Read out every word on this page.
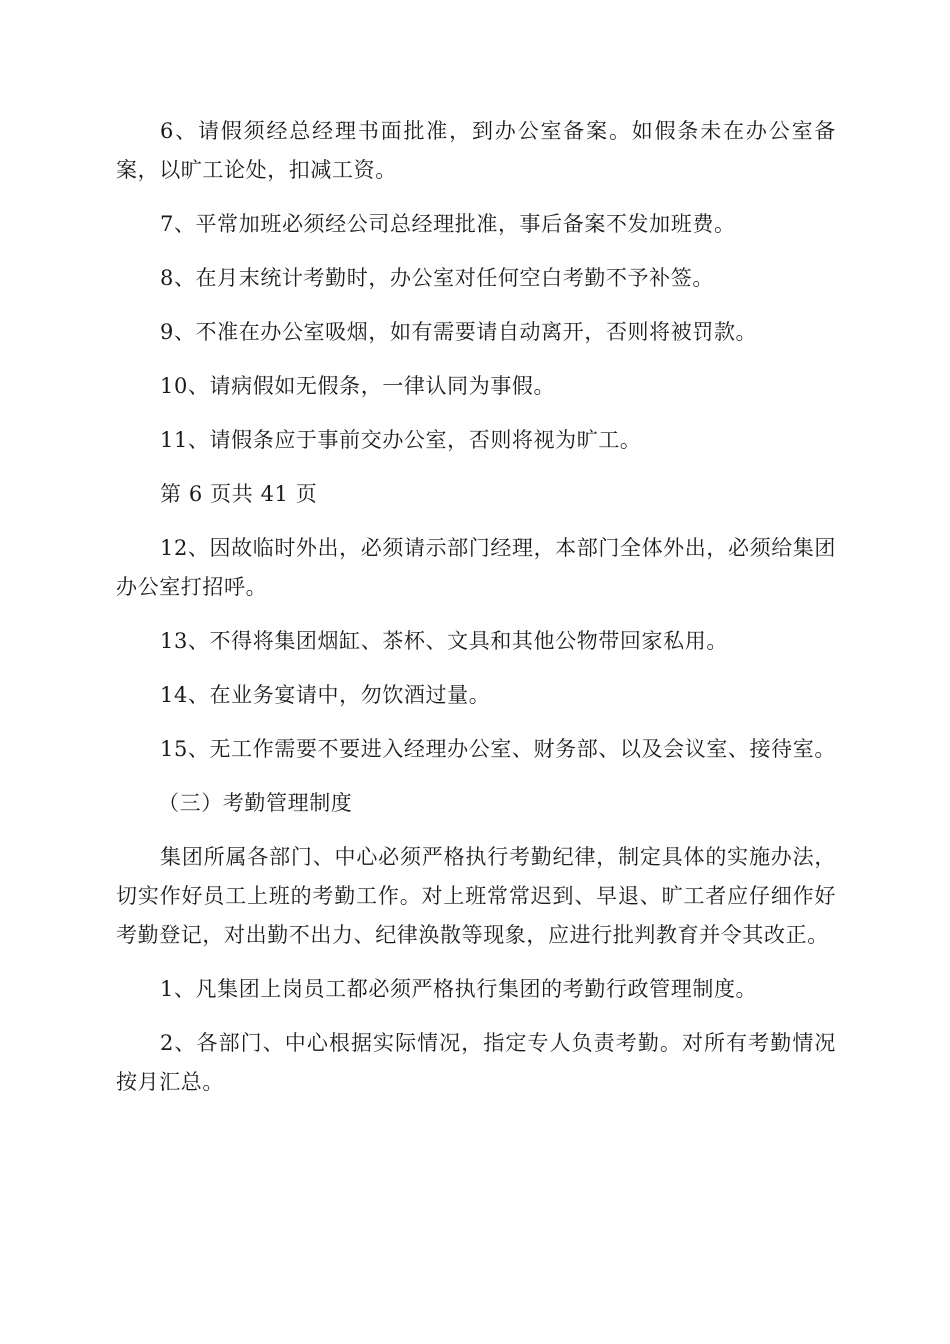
6、请假须经总经理书面批准，到办公室备案。如假条未在办公室备案，以旷工论处，扣减工资。

7、平常加班必须经公司总经理批准，事后备案不发加班费。

8、在月末统计考勤时，办公室对任何空白考勤不予补签。

9、不准在办公室吸烟，如有需要请自动离开，否则将被罚款。

10、请病假如无假条，一律认同为事假。

11、请假条应于事前交办公室，否则将视为旷工。

第 6 页共 41 页

12、因故临时外出，必须请示部门经理，本部门全体外出，必须给集团办公室打招呼。

13、不得将集团烟缸、茶杯、文具和其他公物带回家私用。

14、在业务宴请中，勿饮酒过量。

15、无工作需要不要进入经理办公室、财务部、以及会议室、接待室。

（三）考勤管理制度

集团所属各部门、中心必须严格执行考勤纪律，制定具体的实施办法，切实作好员工上班的考勤工作。对上班常常迟到、早退、旷工者应仔细作好考勤登记，对出勤不出力、纪律涣散等现象，应进行批判教育并令其改正。

1、凡集团上岗员工都必须严格执行集团的考勤行政管理制度。

2、各部门、中心根据实际情况，指定专人负责考勤。对所有考勤情况按月汇总。
